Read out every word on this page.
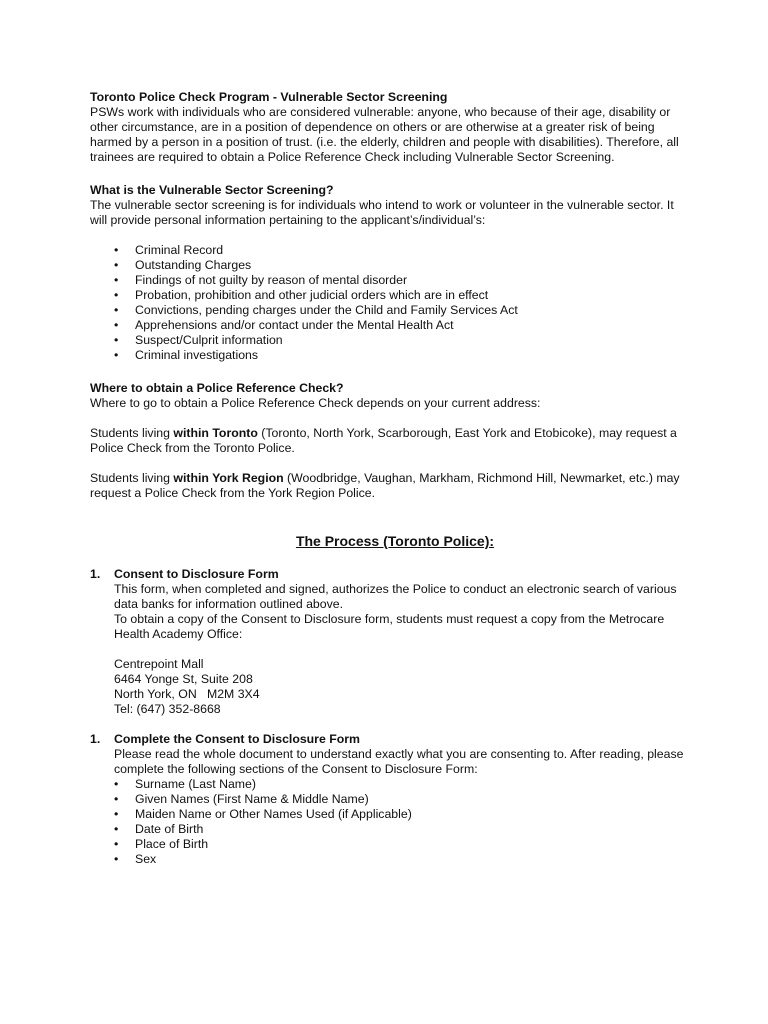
Toronto Police Check Program - Vulnerable Sector Screening

PSWs work with individuals who are considered vulnerable: anyone, who because of their age, disability or other circumstance, are in a position of dependence on others or are otherwise at a greater risk of being harmed by a person in a position of trust. (i.e. the elderly, children and people with disabilities). Therefore, all trainees are required to obtain a Police Reference Check including Vulnerable Sector Screening.

What is the Vulnerable Sector Screening?

The vulnerable sector screening is for individuals who intend to work or volunteer in the vulnerable sector. It will provide personal information pertaining to the applicant’s/individual’s:

• Criminal Record
• Outstanding Charges
• Findings of not guilty by reason of mental disorder
• Probation, prohibition and other judicial orders which are in effect
• Convictions, pending charges under the Child and Family Services Act
• Apprehensions and/or contact under the Mental Health Act
• Suspect/Culprit information
• Criminal investigations

Where to obtain a Police Reference Check?

Where to go to obtain a Police Reference Check depends on your current address:

Students living within Toronto (Toronto, North York, Scarborough, East York and Etobicoke), may request a Police Check from the Toronto Police.

Students living within York Region (Woodbridge, Vaughan, Markham, Richmond Hill, Newmarket, etc.) may request a Police Check from the York Region Police.

The Process (Toronto Police):

1. Consent to Disclosure Form

This form, when completed and signed, authorizes the Police to conduct an electronic search of various data banks for information outlined above.

To obtain a copy of the Consent to Disclosure form, students must request a copy from the Metrocare Health Academy Office:

Centrepoint Mall
6464 Yonge St, Suite 208
North York, ON   M2M 3X4
Tel: (647) 352-8668
1. Complete the Consent to Disclosure Form

Please read the whole document to understand exactly what you are consenting to. After reading, please complete the following sections of the Consent to Disclosure Form:

• Surname (Last Name)
• Given Names (First Name & Middle Name)
• Maiden Name or Other Names Used (if Applicable)
• Date of Birth
• Place of Birth
• Sex
